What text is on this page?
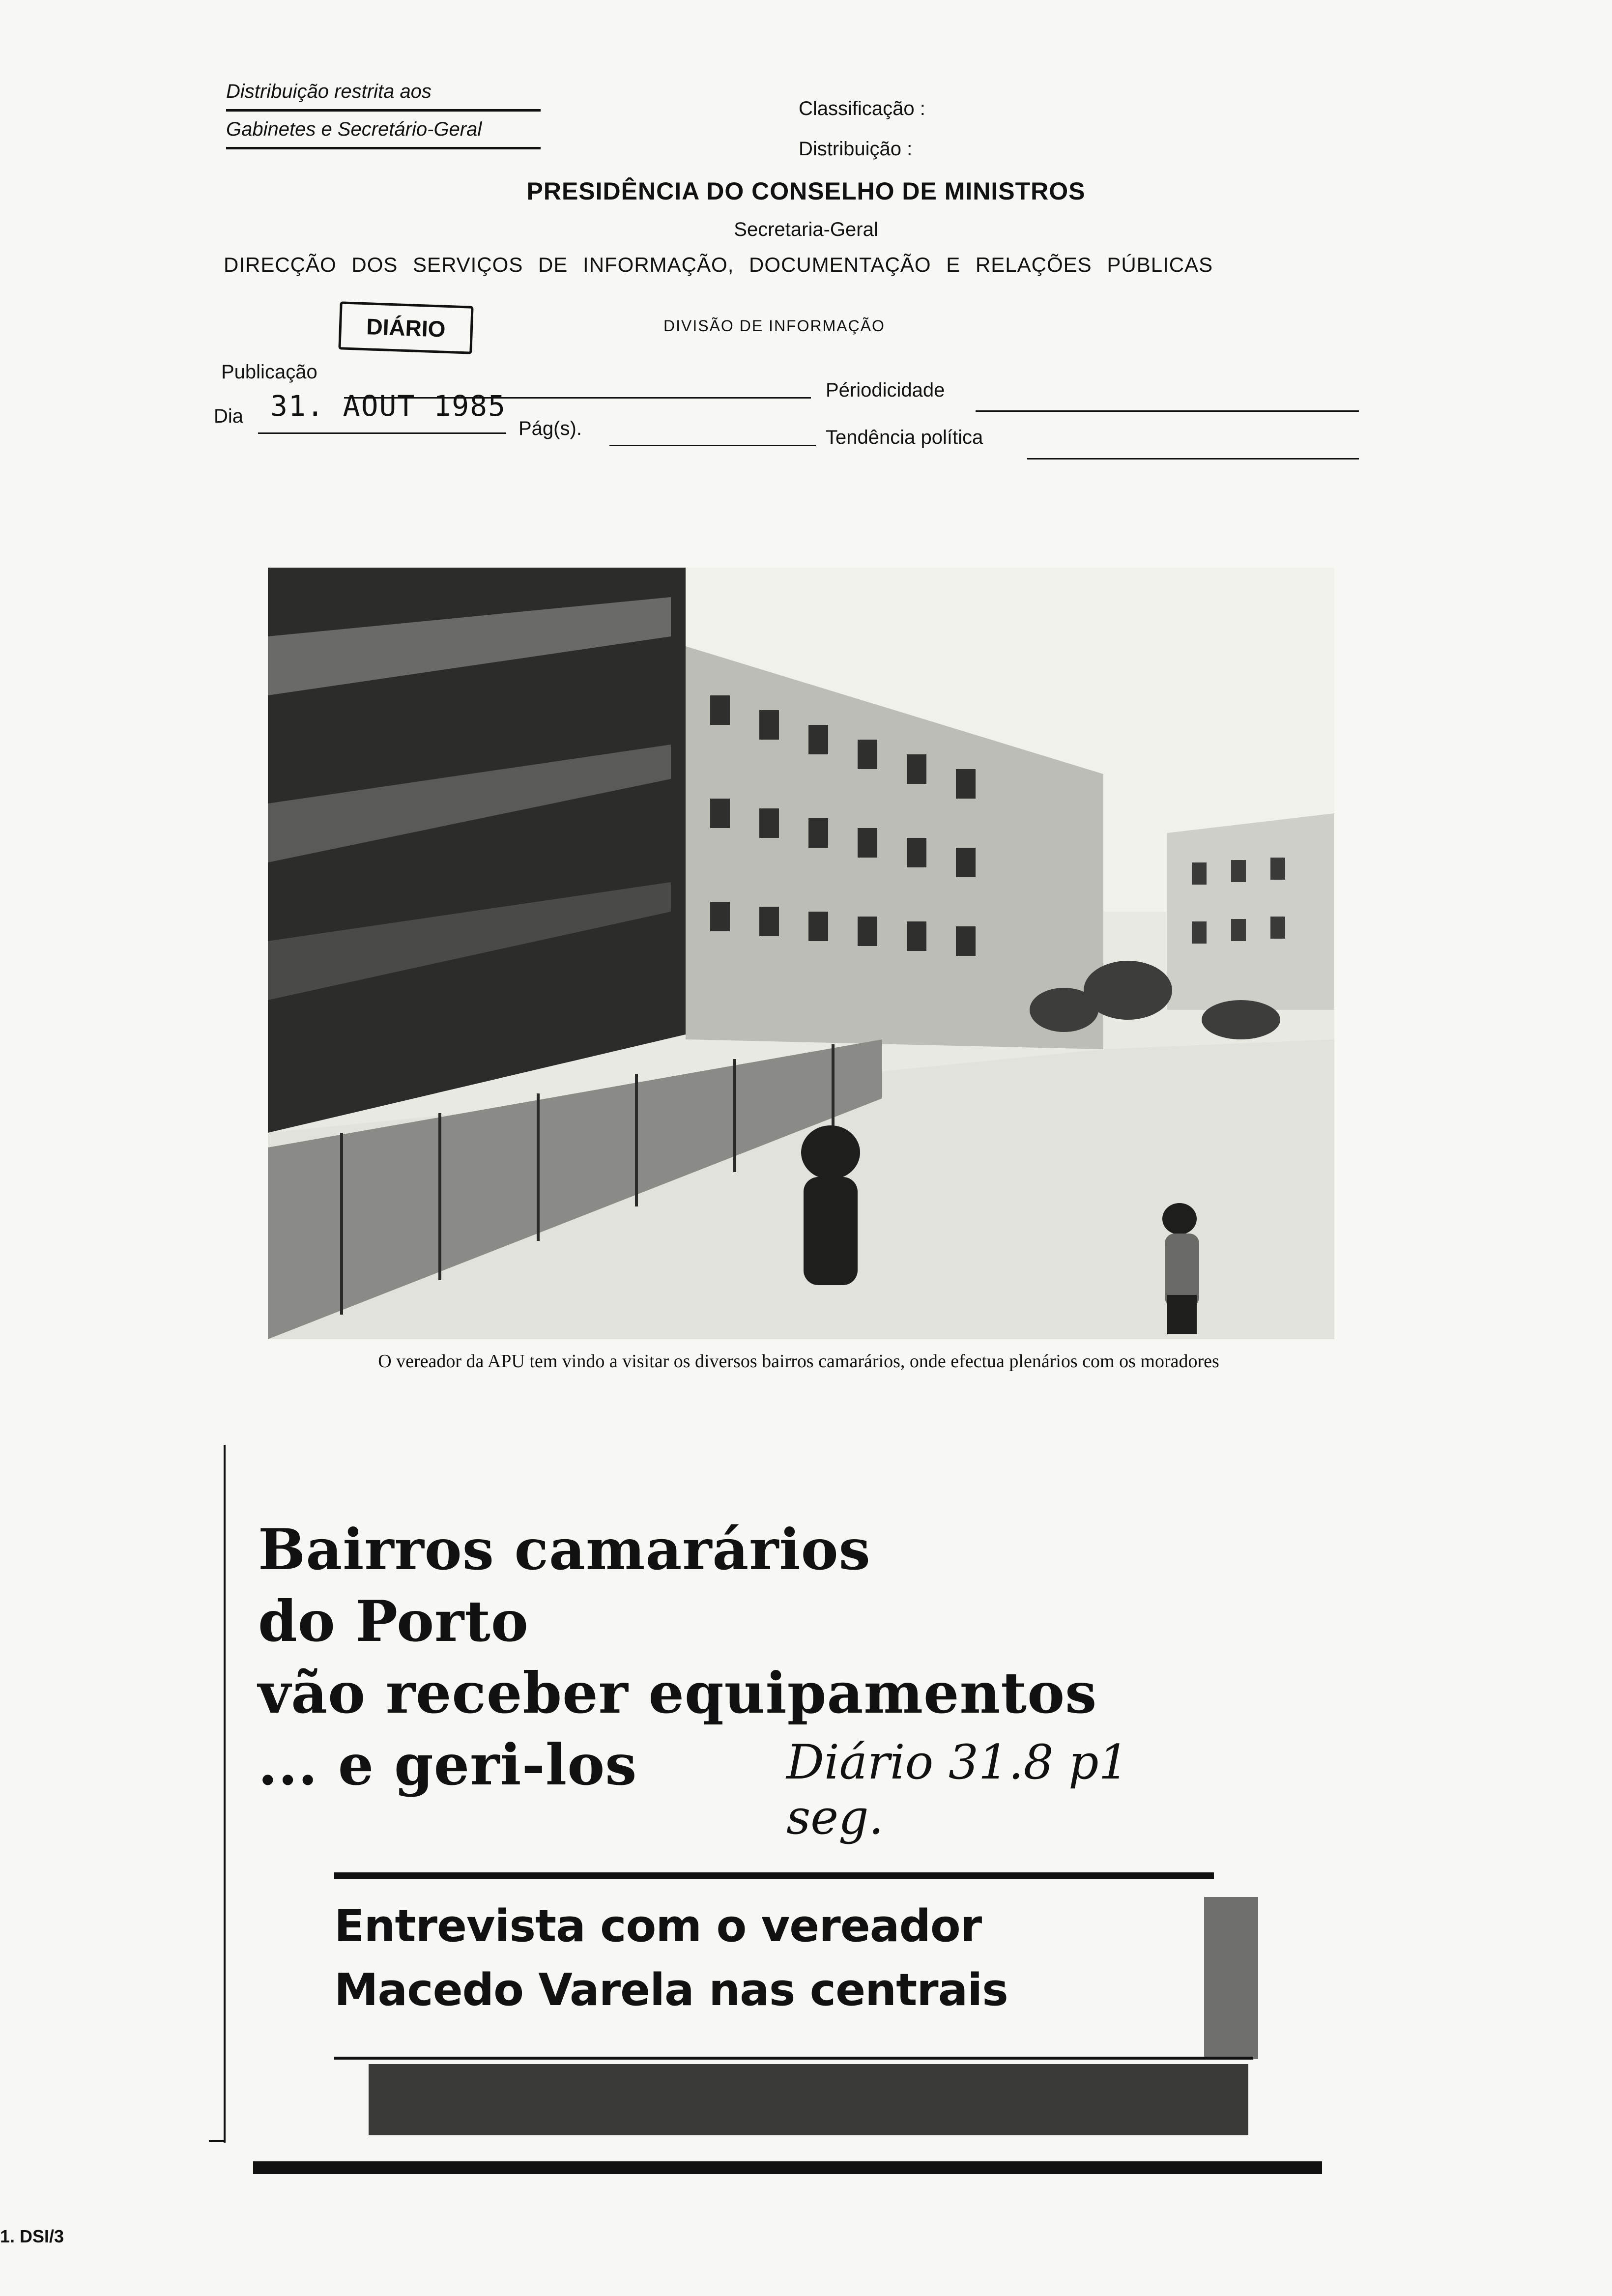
Distribuição restrita aos
Gabinetes e Secretário-Geral
Classificação :
Distribuição :
PRESIDÊNCIA DO CONSELHO DE MINISTROS
Secretaria-Geral
DIRECÇÃO DOS SERVIÇOS DE INFORMAÇÃO, DOCUMENTAÇÃO E RELAÇÕES PÚBLICAS
DIVISÃO DE INFORMAÇÃO
DIÁRIO
Publicação
Dia 31. AOUT 1985
Pág(s).
Périodicidade
Tendência política
O vereador da APU tem vindo a visitar os diversos bairros camarários, onde efectua plenários com os moradores
Bairros camarários
do Porto
vão receber equipamentos
... e geri-los	Diário 31.8 p1 seg.
Entrevista com o vereador
Macedo Varela nas centrais
1. DSI/3
